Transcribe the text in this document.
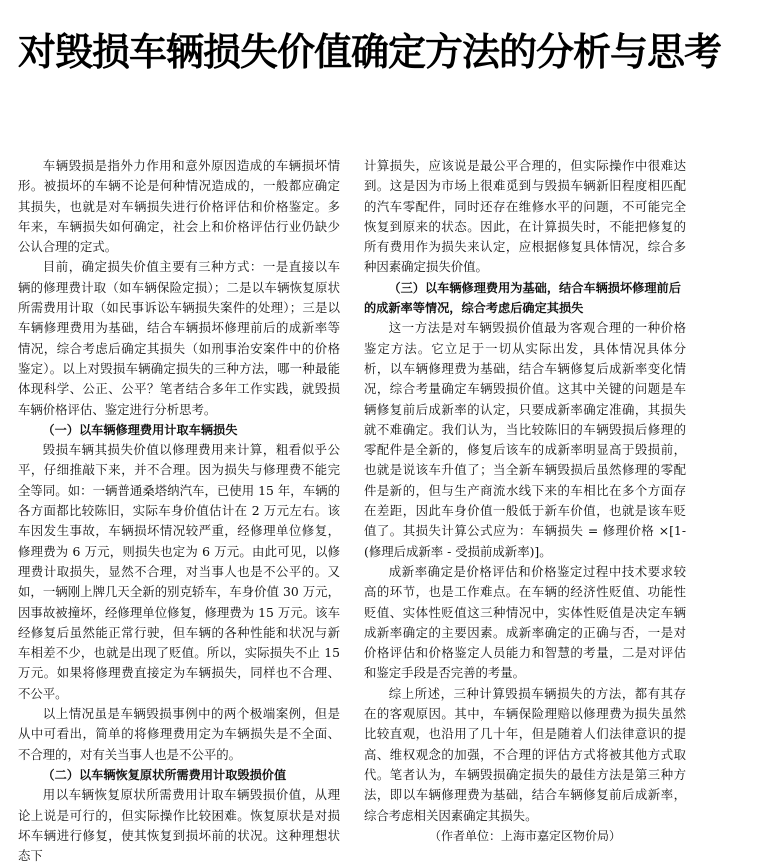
对毁损车辆损失价值确定方法的分析与思考

车辆毁损是指外力作用和意外原因造成的车辆损坏情形。被损坏的车辆不论是何种情况造成的，一般都应确定其损失，也就是对车辆损失进行价格评估和价格鉴定。多年来，车辆损失如何确定，社会上和价格评估行业仍缺少公认合理的定式。

目前，确定损失价值主要有三种方式：一是直接以车辆的修理费计取（如车辆保险定损）；二是以车辆恢复原状所需费用计取（如民事诉讼车辆损失案件的处理）；三是以车辆修理费用为基础，结合车辆损坏修理前后的成新率等情况，综合考虑后确定其损失（如刑事治安案件中的价格鉴定）。以上对毁损车辆确定损失的三种方法，哪一种最能体现科学、公正、公平？笔者结合多年工作实践，就毁损车辆价格评估、鉴定进行分析思考。

（一）以车辆修理费用计取车辆损失

毁损车辆其损失价值以修理费用来计算，粗看似乎公平，仔细推敲下来，并不合理。因为损失与修理费不能完全等同。如：一辆普通桑塔纳汽车，已使用 15 年，车辆的各方面都比较陈旧，实际车身价值估计在 2 万元左右。该车因发生事故，车辆损坏情况较严重，经修理单位修复，修理费为 6 万元，则损失也定为 6 万元。由此可见，以修理费计取损失，显然不合理，对当事人也是不公平的。又如，一辆刚上牌几天全新的别克轿车，车身价值 30 万元，因事故被撞坏，经修理单位修复，修理费为 15 万元。该车经修复后虽然能正常行驶，但车辆的各种性能和状况与新车相差不少，也就是出现了贬值。所以，实际损失不止 15 万元。如果将修理费直接定为车辆损失，同样也不合理、不公平。

以上情况虽是车辆毁损事例中的两个极端案例，但是从中可看出，简单的将修理费用定为车辆损失是不全面、不合理的，对有关当事人也是不公平的。

（二）以车辆恢复原状所需费用计取毁损价值

用以车辆恢复原状所需费用计取车辆毁损价值，从理论上说是可行的，但实际操作比较困难。恢复原状是对损坏车辆进行修复，使其恢复到损坏前的状况。这种理想状态下

计算损失，应该说是最公平合理的，但实际操作中很难达到。这是因为市场上很难觅到与毁损车辆新旧程度相匹配的汽车零配件，同时还存在维修水平的问题，不可能完全恢复到原来的状态。因此，在计算损失时，不能把修复的所有费用作为损失来认定，应根据修复具体情况，综合多种因素确定损失价值。

（三）以车辆修理费用为基础，结合车辆损坏修理前后的成新率等情况，综合考虑后确定其损失

这一方法是对车辆毁损价值最为客观合理的一种价格鉴定方法。它立足于一切从实际出发，具体情况具体分析，以车辆修理费为基础，结合车辆修复后成新率变化情况，综合考量确定车辆毁损价值。这其中关键的问题是车辆修复前后成新率的认定，只要成新率确定准确，其损失就不难确定。我们认为，当比较陈旧的车辆毁损后修理的零配件是全新的，修复后该车的成新率明显高于毁损前，也就是说该车升值了；当全新车辆毁损后虽然修理的零配件是新的，但与生产商流水线下来的车相比在多个方面存在差距，因此车身价值一般低于新车价值，也就是该车贬值了。其损失计算公式应为：车辆损失 = 修理价格 ×[1-(修理后成新率 - 受损前成新率)]。

成新率确定是价格评估和价格鉴定过程中技术要求较高的环节，也是工作难点。在车辆的经济性贬值、功能性贬值、实体性贬值这三种情况中，实体性贬值是决定车辆成新率确定的主要因素。成新率确定的正确与否，一是对价格评估和价格鉴定人员能力和智慧的考量，二是对评估和鉴定手段是否完善的考量。

综上所述，三种计算毁损车辆损失的方法，都有其存在的客观原因。其中，车辆保险理赔以修理费为损失虽然比较直观，也沿用了几十年，但是随着人们法律意识的提高、维权观念的加强，不合理的评估方式将被其他方式取代。笔者认为，车辆毁损确定损失的最佳方法是第三种方法，即以车辆修理费为基础，结合车辆修复前后成新率，综合考虑相关因素确定其损失。

（作者单位：上海市嘉定区物价局）
